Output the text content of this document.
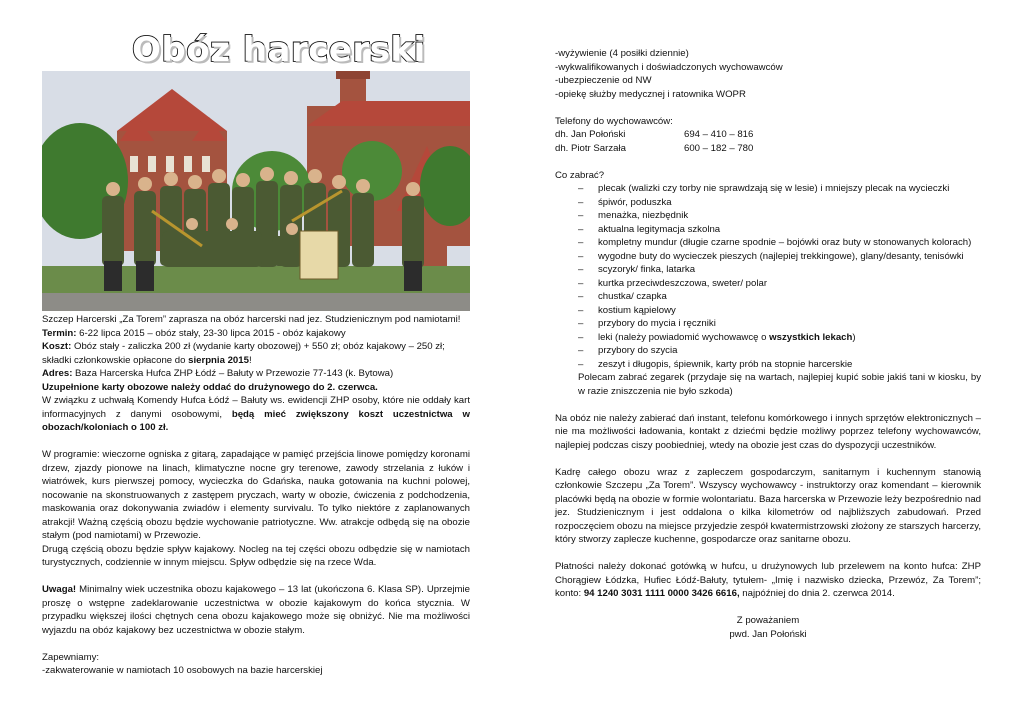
Obóz harcerski

Szczep Harcerski „Za Torem” zaprasza na obóz harcerski nad jez. Studzienicznym pod namiotami!

Termin: 6-22 lipca 2015 – obóz stały, 23-30 lipca 2015 - obóz kajakowy

Koszt: Obóz stały - zaliczka 200 zł (wydanie karty obozowej) + 550 zł; obóz kajakowy – 250 zł; składki członkowskie opłacone do sierpnia 2015!

Adres: Baza Harcerska Hufca ZHP Łódź – Bałuty w Przewozie 77-143 (k. Bytowa)

Uzupełnione karty obozowe należy oddać do drużynowego do 2. czerwca.

W związku z uchwałą Komendy Hufca Łódź – Bałuty ws. ewidencji ZHP osoby, które nie oddały kart informacyjnych z danymi osobowymi, będą mieć zwiększony koszt uczestnictwa w obozach/koloniach o 100 zł.

W programie: wieczorne ogniska z gitarą, zapadające w pamięć przejścia linowe pomiędzy koronami drzew, zjazdy pionowe na linach, klimatyczne nocne gry terenowe, zawody strzelania z łuków i wiatrówek, kurs pierwszej pomocy, wycieczka do Gdańska, nauka gotowania na kuchni polowej, nocowanie na skonstruowanych z zastępem pryczach, warty w obozie, ćwiczenia z podchodzenia, maskowania oraz dokonywania zwiadów i elementy survivalu. To tylko niektóre z zaplanowanych atrakcji! Ważną częścią obozu będzie wychowanie patriotyczne. Ww. atrakcje odbędą się na obozie stałym (pod namiotami) w Przewozie.

Drugą częścią obozu będzie spływ kajakowy. Nocleg na tej części obozu odbędzie się w namiotach turystycznych, codziennie w innym miejscu. Spływ odbędzie się na rzece Wda.

Uwaga! Minimalny wiek uczestnika obozu kajakowego – 13 lat (ukończona 6. Klasa SP). Uprzejmie proszę o wstępne zadeklarowanie uczestnictwa w obozie kajakowym do końca stycznia. W przypadku większej ilości chętnych cena obozu kajakowego może się obniżyć. Nie ma możliwości wyjazdu na obóz kajakowy bez uczestnictwa w obozie stałym.

Zapewniamy:

-zakwaterowanie w namiotach 10 osobowych na bazie harcerskiej

-wyżywienie (4 posiłki dziennie)

-wykwalifikowanych i doświadczonych wychowawców

-ubezpieczenie od NW

-opiekę służby medycznej i ratownika WOPR

Telefony do wychowawców:

dh. Jan Połoński	694 – 410 – 816
dh. Piotr Sarzała	600 – 182 – 780

Co zabrać?

– plecak (walizki czy torby nie sprawdzają się w lesie) i mniejszy plecak na wycieczki
– śpiwór, poduszka
– menażka, niezbędnik
– aktualna legitymacja szkolna
– kompletny mundur (długie czarne spodnie – bojówki oraz buty w stonowanych kolorach)
– wygodne buty do wycieczek pieszych (najlepiej trekkingowe), glany/desanty, tenisówki
– scyzoryk/ finka, latarka
– kurtka przeciwdeszczowa, sweter/ polar
– chustka/ czapka
– kostium kąpielowy
– przybory do mycia i ręczniki
– leki (należy powiadomić wychowawcę o wszystkich lekach)
– przybory do szycia
– zeszyt i długopis, śpiewnik, karty prób na stopnie harcerskie

Polecam zabrać zegarek (przydaje się na wartach, najlepiej kupić sobie jakiś tani w kiosku, by w razie zniszczenia nie było szkoda)

Na obóz nie należy zabierać dań instant, telefonu komórkowego i innych sprzętów elektronicznych – nie ma możliwości ładowania, kontakt z dziećmi będzie możliwy poprzez telefony wychowawców, najlepiej podczas ciszy poobiedniej, wtedy na obozie jest czas do dyspozycji uczestników.

Kadrę całego obozu wraz z zapleczem gospodarczym, sanitarnym i kuchennym stanowią członkowie Szczepu „Za Torem”. Wszyscy wychowawcy - instruktorzy oraz komendant – kierownik placówki będą na obozie w formie wolontariatu. Baza harcerska w Przewozie leży bezpośrednio nad jez. Studzienicznym i jest oddalona o kilka kilometrów od najbliższych zabudowań. Przed rozpoczęciem obozu na miejsce przyjedzie zespół kwatermistrzowski złożony ze starszych harcerzy, który stworzy zaplecze kuchenne, gospodarcze oraz sanitarne obozu.

Płatności należy dokonać gotówką w hufcu, u drużynowych lub przelewem na konto hufca: ZHP Chorągiew Łódzka, Hufiec Łódź-Bałuty, tytułem- „Imię i nazwisko dziecka, Przewóz, Za Torem”; konto: 94 1240 3031 1111 0000 3426 6616, najpóźniej do dnia 2. czerwca 2014.

Z poważaniem

pwd. Jan Połoński
